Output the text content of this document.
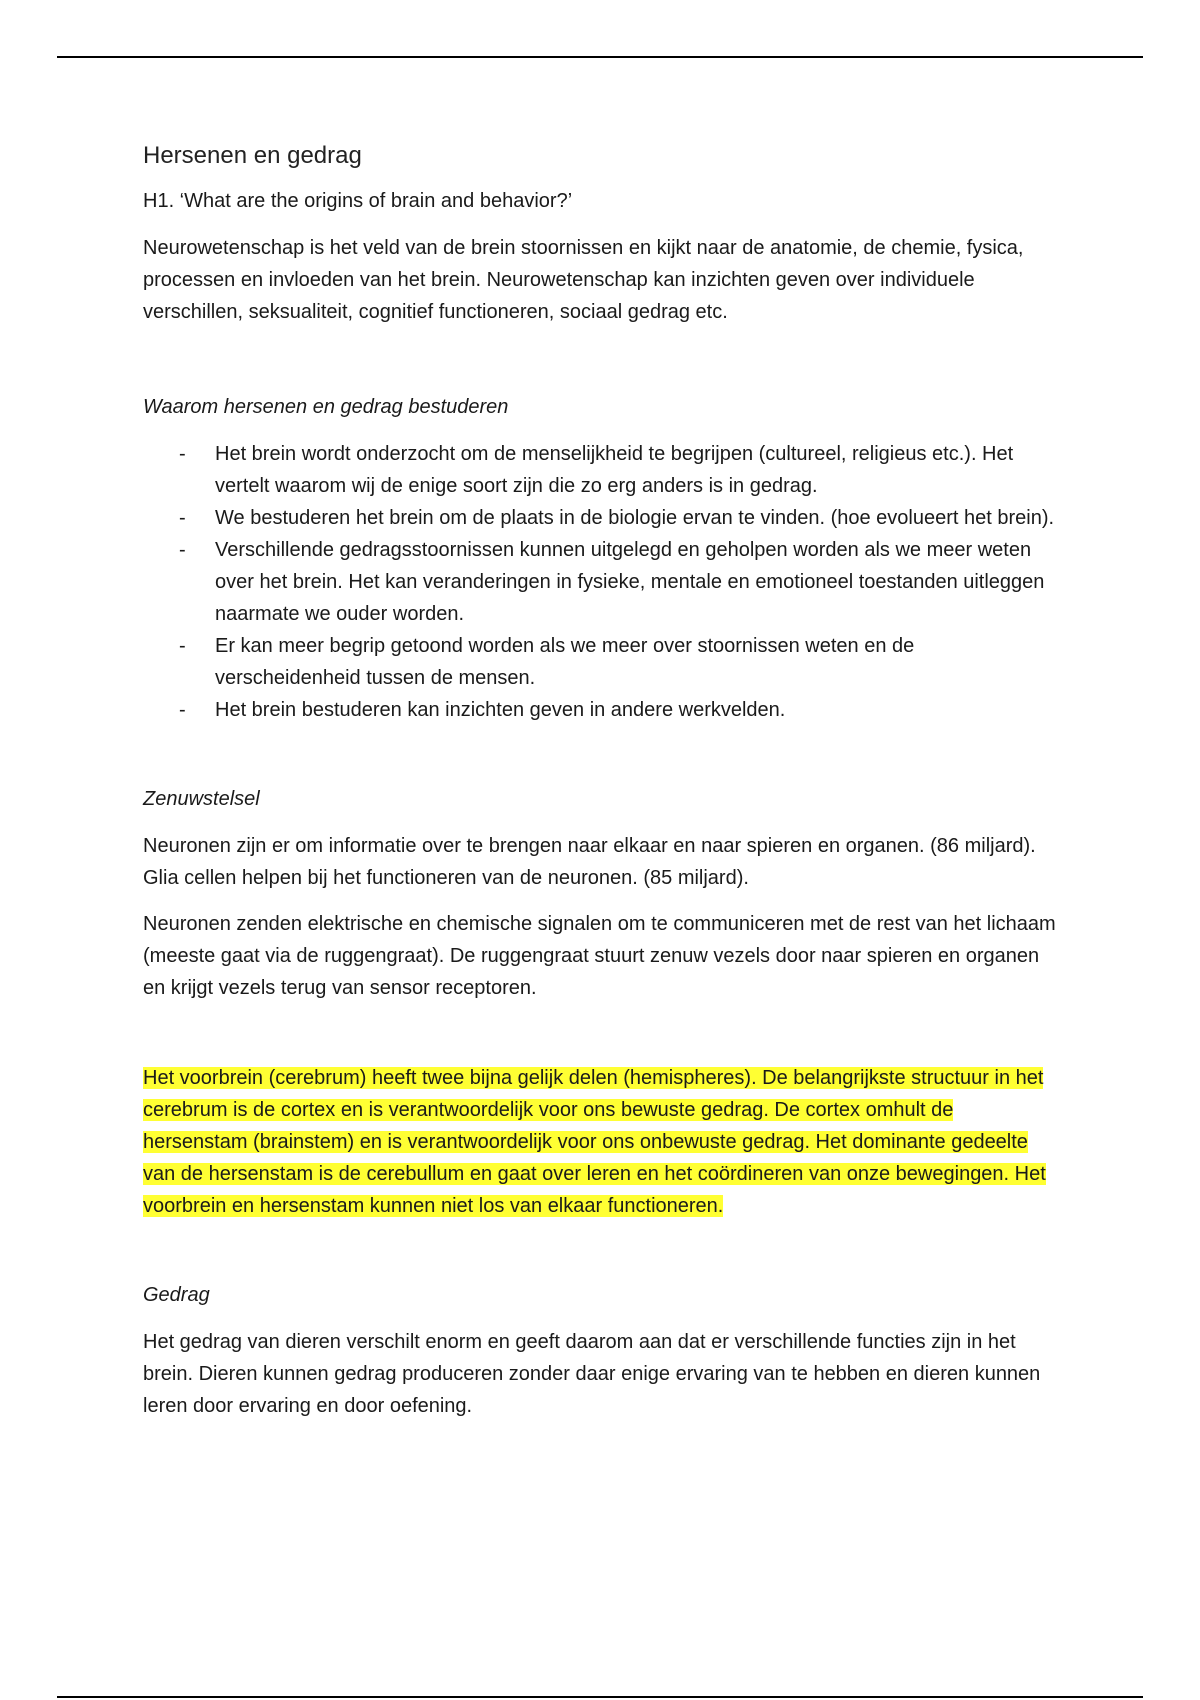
Hersenen en gedrag
H1. ‘What are the origins of brain and behavior?’

Neurowetenschap is het veld van de brein stoornissen en kijkt naar de anatomie, de chemie, fysica, processen en invloeden van het brein. Neurowetenschap kan inzichten geven over individuele verschillen, seksualiteit, cognitief functioneren, sociaal gedrag etc.

Waarom hersenen en gedrag bestuderen
- Het brein wordt onderzocht om de menselijkheid te begrijpen (cultureel, religieus etc.). Het vertelt waarom wij de enige soort zijn die zo erg anders is in gedrag.
- We bestuderen het brein om de plaats in de biologie ervan te vinden. (hoe evolueert het brein).
- Verschillende gedragsstoornissen kunnen uitgelegd en geholpen worden als we meer weten over het brein. Het kan veranderingen in fysieke, mentale en emotioneel toestanden uitleggen naarmate we ouder worden.
- Er kan meer begrip getoond worden als we meer over stoornissen weten en de verscheidenheid tussen de mensen.
- Het brein bestuderen kan inzichten geven in andere werkvelden.
Zenuwstelsel

Neuronen zijn er om informatie over te brengen naar elkaar en naar spieren en organen. (86 miljard). Glia cellen helpen bij het functioneren van de neuronen. (85 miljard).

Neuronen zenden elektrische en chemische signalen om te communiceren met de rest van het lichaam (meeste gaat via de ruggengraat). De ruggengraat stuurt zenuw vezels door naar spieren en organen en krijgt vezels terug van sensor receptoren.

Het voorbrein (cerebrum) heeft twee bijna gelijk delen (hemispheres). De belangrijkste structuur in het cerebrum is de cortex en is verantwoordelijk voor ons bewuste gedrag. De cortex omhult de hersenstam (brainstem) en is verantwoordelijk voor ons onbewuste gedrag. Het dominante gedeelte van de hersenstam is de cerebullum en gaat over leren en het coördineren van onze bewegingen. Het voorbrein en hersenstam kunnen niet los van elkaar functioneren.

Gedrag

Het gedrag van dieren verschilt enorm en geeft daarom aan dat er verschillende functies zijn in het brein. Dieren kunnen gedrag produceren zonder daar enige ervaring van te hebben en dieren kunnen leren door ervaring en door oefening.
